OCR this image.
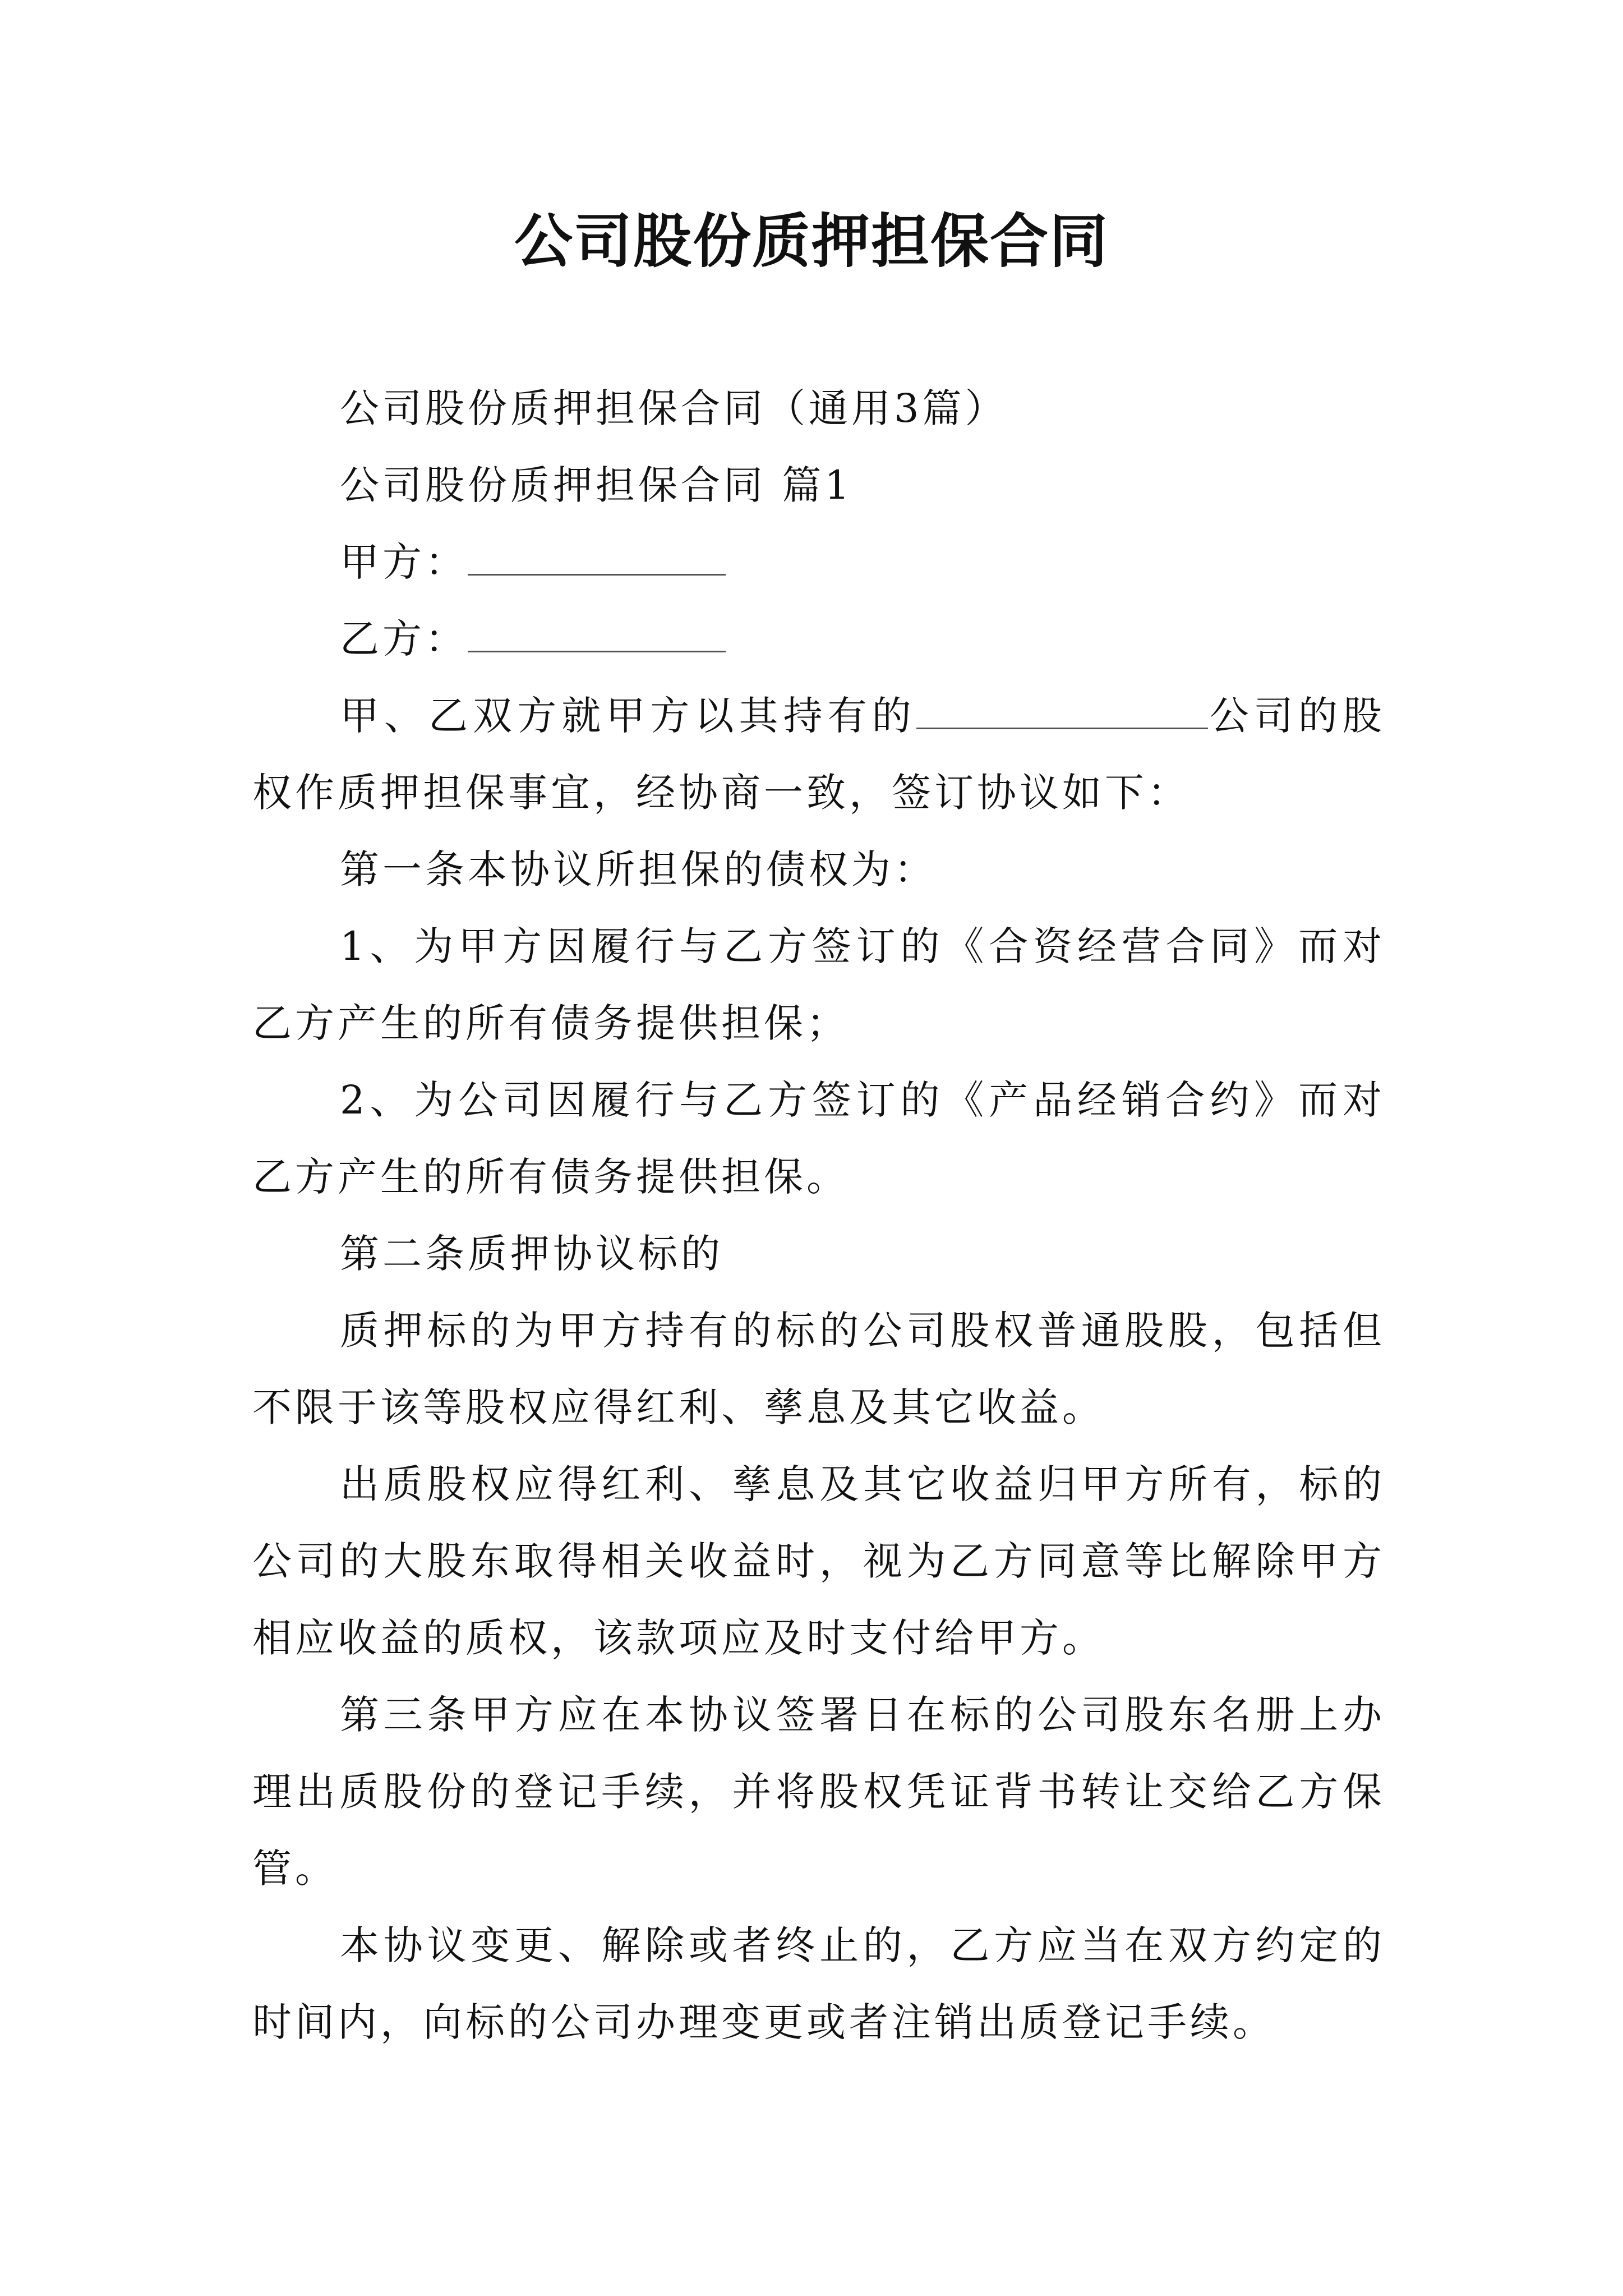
公司股份质押担保合同

公司股份质押担保合同（通用3篇）

公司股份质押担保合同 篇1

甲方：

乙方：

甲、乙双方就甲方以其持有的	公司的股权作质押担保事宜，经协商一致，签订协议如下：

第一条本协议所担保的债权为：

1、为甲方因履行与乙方签订的《合资经营合同》而对乙方产生的所有债务提供担保；

2、为公司因履行与乙方签订的《产品经销合约》而对乙方产生的所有债务提供担保。

第二条质押协议标的

质押标的为甲方持有的标的公司股权普通股股，包括但不限于该等股权应得红利、孳息及其它收益。

出质股权应得红利、孳息及其它收益归甲方所有，标的公司的大股东取得相关收益时，视为乙方同意等比解除甲方相应收益的质权，该款项应及时支付给甲方。

第三条甲方应在本协议签署日在标的公司股东名册上办理出质股份的登记手续，并将股权凭证背书转让交给乙方保管。

本协议变更、解除或者终止的，乙方应当在双方约定的时间内，向标的公司办理变更或者注销出质登记手续。
